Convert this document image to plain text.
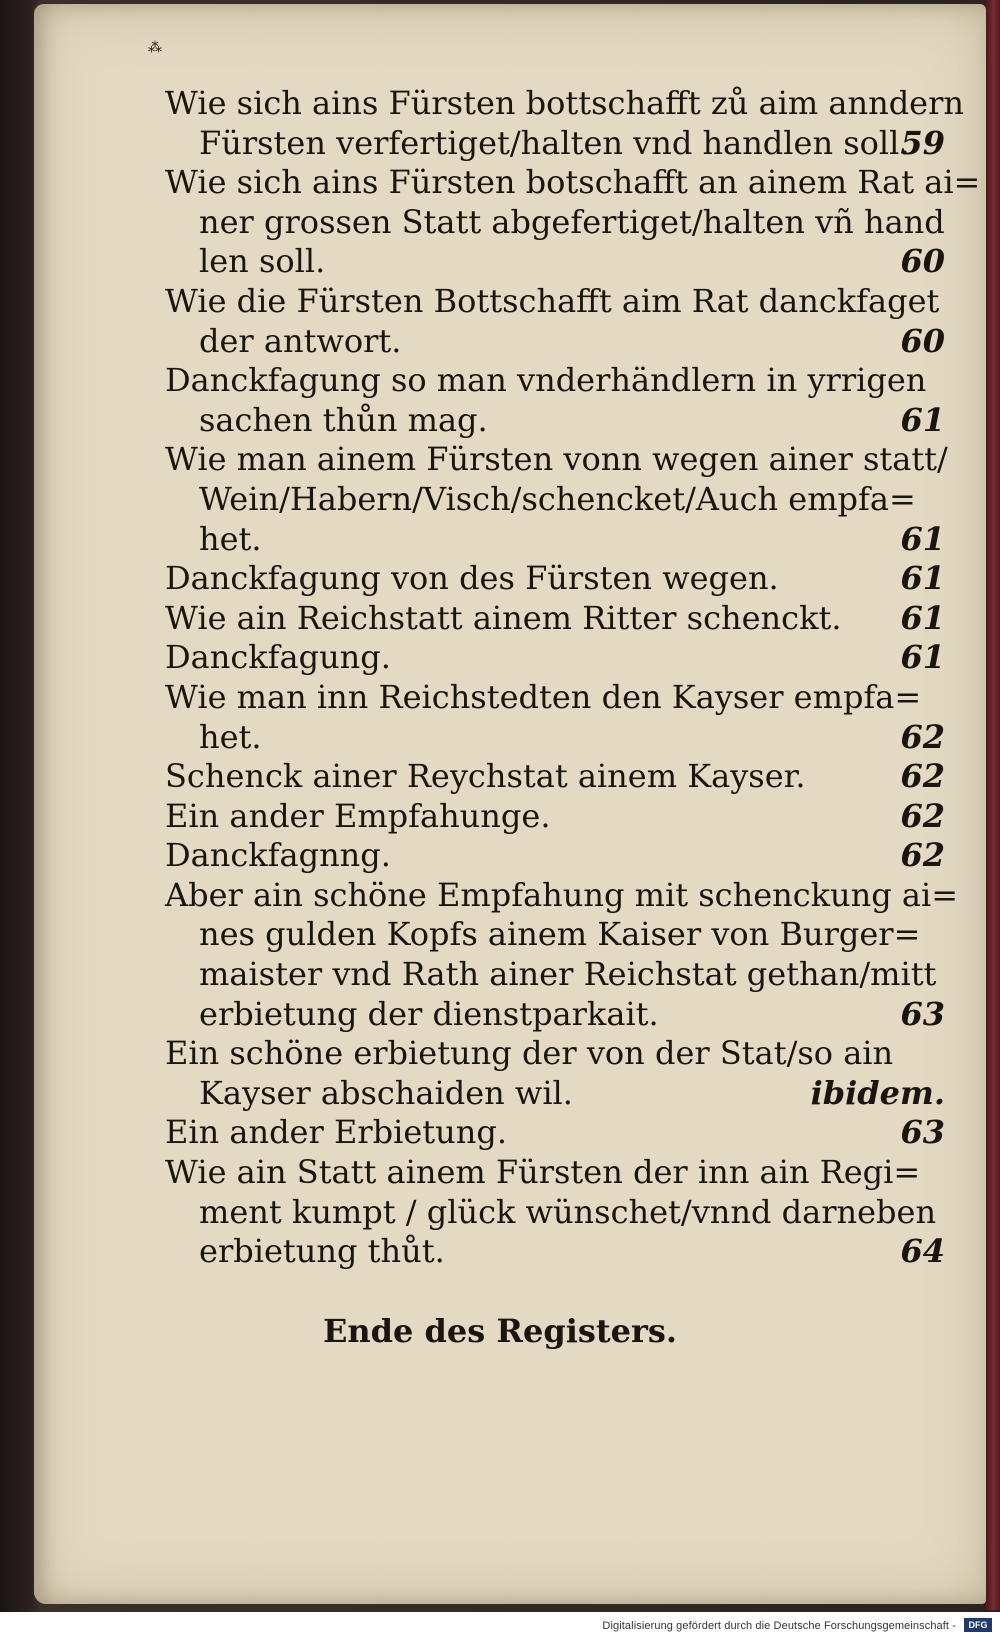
⁂
Wie sich ains Fürsten bottschafft zů aim anndern
Fürsten verfertiget/halten vnd handlen soll.
59
Wie sich ains Fürsten botschafft an ainem Rat ai=
ner grossen Statt abgefertiget/halten vñ hand
len soll.	60
Wie die Fürsten Bottschafft aim Rat danckfaget
der antwort.	60
Danckfagung so man vnderhändlern in yrrigen
sachen thůn mag.	61
Wie man ainem Fürsten vonn wegen ainer statt/
Wein/Habern/Visch/schencket/Auch empfa=
het.	61
Danckfagung von des Fürsten wegen.	61
Wie ain Reichstatt ainem Ritter schenckt.	61
Danckfagung.	61
Wie man inn Reichstedten den Kayser empfa=
het.	62
Schenck ainer Reychstat ainem Kayser.	62
Ein ander Empfahunge.	62
Danckfagnng.	62
Aber ain schöne Empfahung mit schenckung ai=
nes gulden Kopfs ainem Kaiser von Burger=
maister vnd Rath ainer Reichstat gethan/mitt
erbietung der dienstparkait.	63
Ein schöne erbietung der von der Stat/so ain
Kayser abschaiden wil.	ibidem.
Ein ander Erbietung.	63
Wie ain Statt ainem Fürsten der inn ain Regi=
ment kumpt / glück wünschet/vnnd darneben
erbietung thůt.	64
Ende des Registers.
Digitalisierung gefördert durch die Deutsche Forschungsgemeinschaft -	DFG
